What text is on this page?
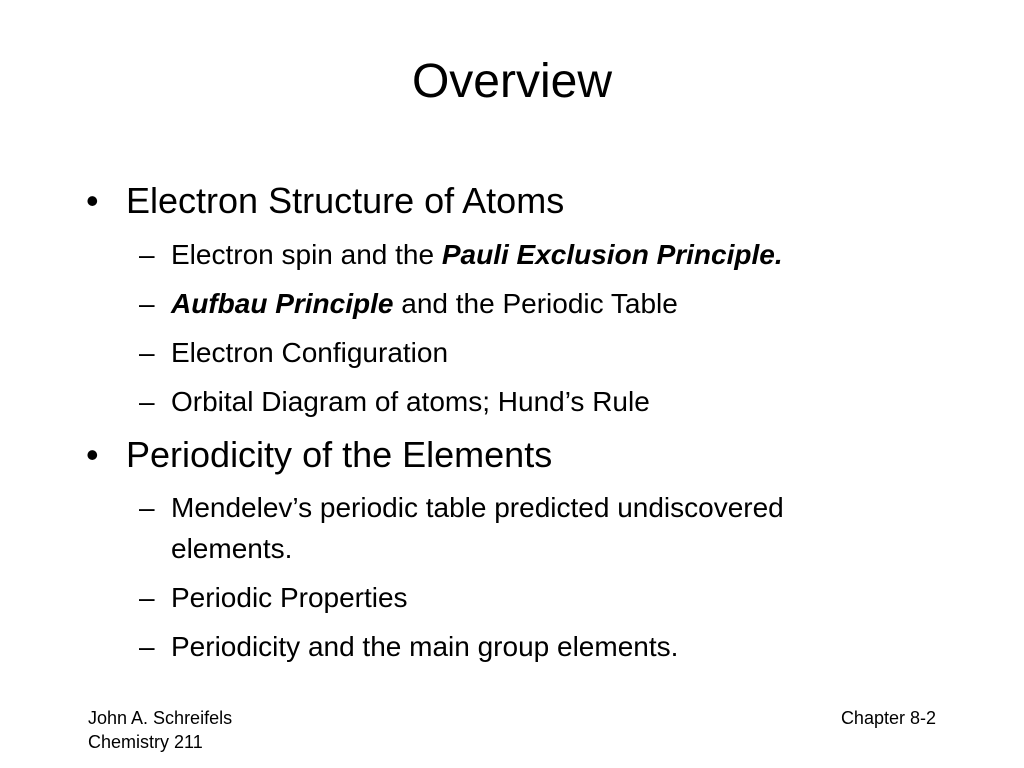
Overview
• Electron Structure of Atoms
– Electron spin and the Pauli Exclusion Principle.
– Aufbau Principle and the Periodic Table
– Electron Configuration
– Orbital Diagram of atoms; Hund’s Rule
• Periodicity of the Elements
– Mendelev’s periodic table predicted undiscovered
elements.
– Periodic Properties
– Periodicity and the main group elements.
John A. Schreifels
Chemistry 211
Chapter 8-2
